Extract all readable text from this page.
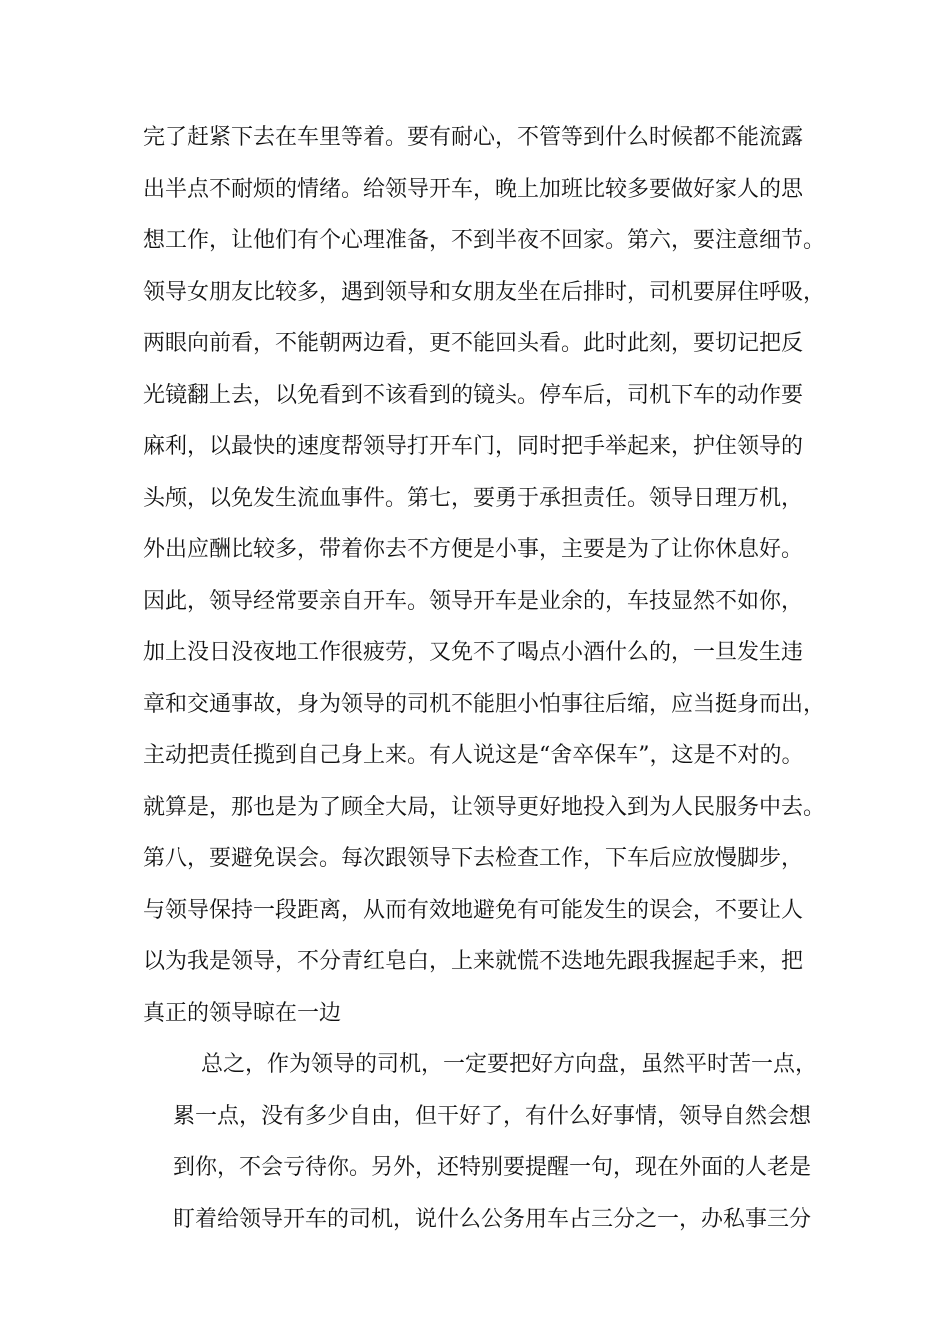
完了赶紧下去在车里等着。要有耐心，不管等到什么时候都不能流露
出半点不耐烦的情绪。给领导开车，晚上加班比较多要做好家人的思
想工作，让他们有个心理准备，不到半夜不回家。第六，要注意细节。
领导女朋友比较多，遇到领导和女朋友坐在后排时，司机要屏住呼吸，
两眼向前看，不能朝两边看，更不能回头看。此时此刻，要切记把反
光镜翻上去，以免看到不该看到的镜头。停车后，司机下车的动作要
麻利，以最快的速度帮领导打开车门，同时把手举起来，护住领导的
头颅，以免发生流血事件。第七，要勇于承担责任。领导日理万机，
外出应酬比较多，带着你去不方便是小事，主要是为了让你休息好。
因此，领导经常要亲自开车。领导开车是业余的，车技显然不如你，
加上没日没夜地工作很疲劳，又免不了喝点小酒什么的，一旦发生违
章和交通事故，身为领导的司机不能胆小怕事往后缩，应当挺身而出，
主动把责任揽到自己身上来。有人说这是“舍卒保车”，这是不对的。
就算是，那也是为了顾全大局，让领导更好地投入到为人民服务中去。
第八，要避免误会。每次跟领导下去检查工作，下车后应放慢脚步，
与领导保持一段距离，从而有效地避免有可能发生的误会，不要让人
以为我是领导，不分青红皂白，上来就慌不迭地先跟我握起手来，把
真正的领导晾在一边
总之，作为领导的司机，一定要把好方向盘，虽然平时苦一点，
累一点，没有多少自由，但干好了，有什么好事情，领导自然会想
到你，不会亏待你。另外，还特别要提醒一句，现在外面的人老是
盯着给领导开车的司机，说什么公务用车占三分之一，办私事三分
